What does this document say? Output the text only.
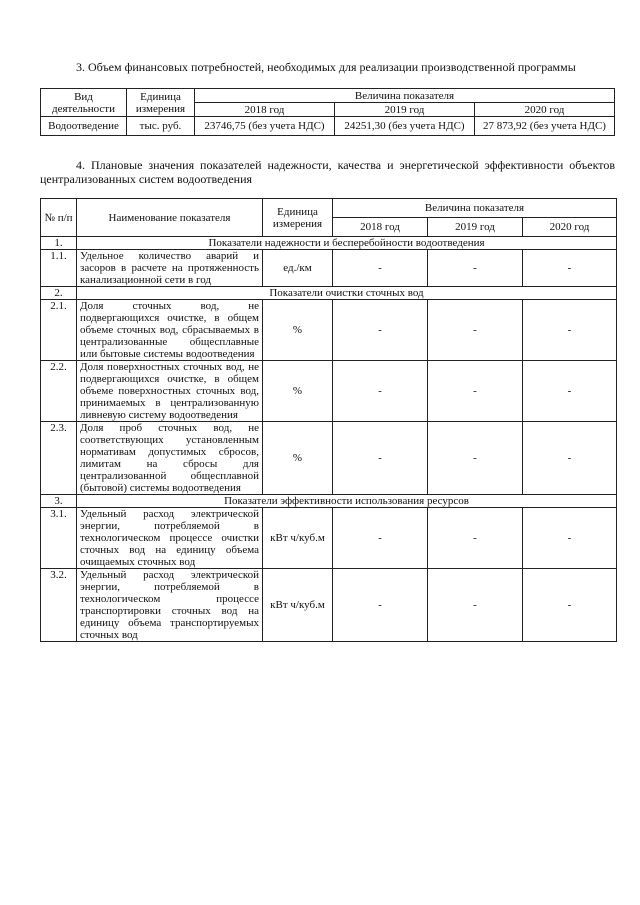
3. Объем финансовых потребностей, необходимых для реализации производственной программы

Вид деятельности	Единица измерения	Величина показателя		
		2018 год	2019 год	2020 год
Водоотведение	тыс. руб.	23746,75 (без учета НДС)	24251,30 (без учета НДС)	27 873,92 (без учета НДС)

4. Плановые значения показателей надежности, качества и энергетической эффективности объектов централизованных систем водоотведения

№ п/п	Наименование показателя	Единица измерения	Величина показателя		
			2018 год	2019 год	2020 год
1.	Показатели надежности и бесперебойности водоотведения				
1.1.	Удельное количество аварий и засоров в расчете на протяженность канализационной сети в год	ед./км	-	-	-
2.	Показатели очистки сточных вод				
2.1.	Доля сточных вод, не подвергающихся очистке, в общем объеме сточных вод, сбрасываемых в централизованные общесплавные или бытовые системы водоотведения	%	-	-	-
2.2.	Доля поверхностных сточных вод, не подвергающихся очистке, в общем объеме поверхностных сточных вод, принимаемых в централизованную ливневую систему водоотведения	%	-	-	-
2.3.	Доля проб сточных вод, не соответствующих установленным нормативам допустимых сбросов, лимитам на сбросы для централизованной общесплавной (бытовой) системы водоотведения	%	-	-	-
3.	Показатели эффективности использования ресурсов				
3.1.	Удельный расход электрической энергии, потребляемой в технологическом процессе очистки сточных вод на единицу объема очищаемых сточных вод	кВт ч/куб.м	-	-	-
3.2.	Удельный расход электрической энергии, потребляемой в технологическом процессе транспортировки сточных вод на единицу объема транспортируемых сточных вод	кВт ч/куб.м	-	-	-
